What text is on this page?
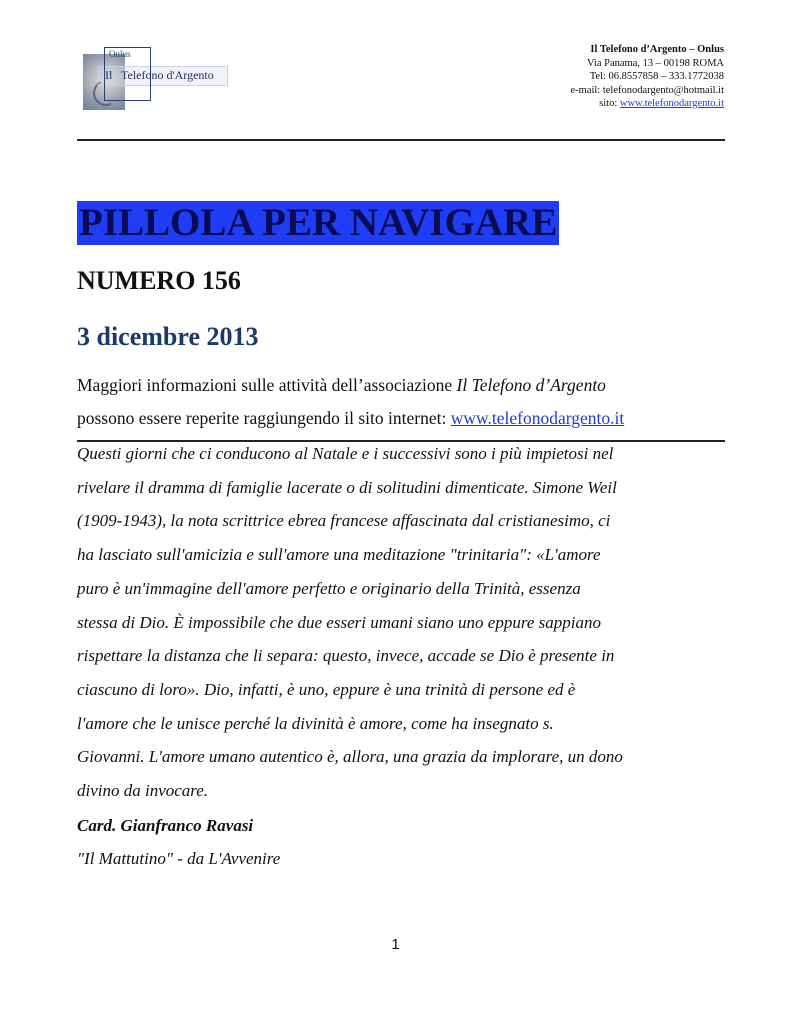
Onlus
Il Telefono d'Argento
Il Telefono d’Argento – Onlus
Via Panama, 13 – 00198 ROMA
Tel: 06.8557858 – 333.1772038
e-mail: telefonodargento@hotmail.it
sito: www.telefonodargento.it
PILLOLA PER NAVIGARE
NUMERO 156
3 dicembre 2013
Maggiori informazioni sulle attività dell’associazione Il Telefono d’Argento
possono essere reperite raggiungendo il sito internet: www.telefonodargento.it

Questi giorni che ci conducono al Natale e i successivi sono i più impietosi nel

rivelare il dramma di famiglie lacerate o di solitudini dimenticate. Simone Weil

(1909-1943), la nota scrittrice ebrea francese affascinata dal cristianesimo, ci

ha lasciato sull'amicizia e sull'amore una meditazione "trinitaria": «L'amore

puro è un'immagine dell'amore perfetto e originario della Trinità, essenza

stessa di Dio. È impossibile che due esseri umani siano uno eppure sappiano

rispettare la distanza che li separa: questo, invece, accade se Dio è presente in

ciascuno di loro». Dio, infatti, è uno, eppure è una trinità di persone ed è

l'amore che le unisce perché la divinità è amore, come ha insegnato s.

Giovanni. L'amore umano autentico è, allora, una grazia da implorare, un dono

divino da invocare.

Card. Gianfranco Ravasi
"Il Mattutino" - da L'Avvenire
1
